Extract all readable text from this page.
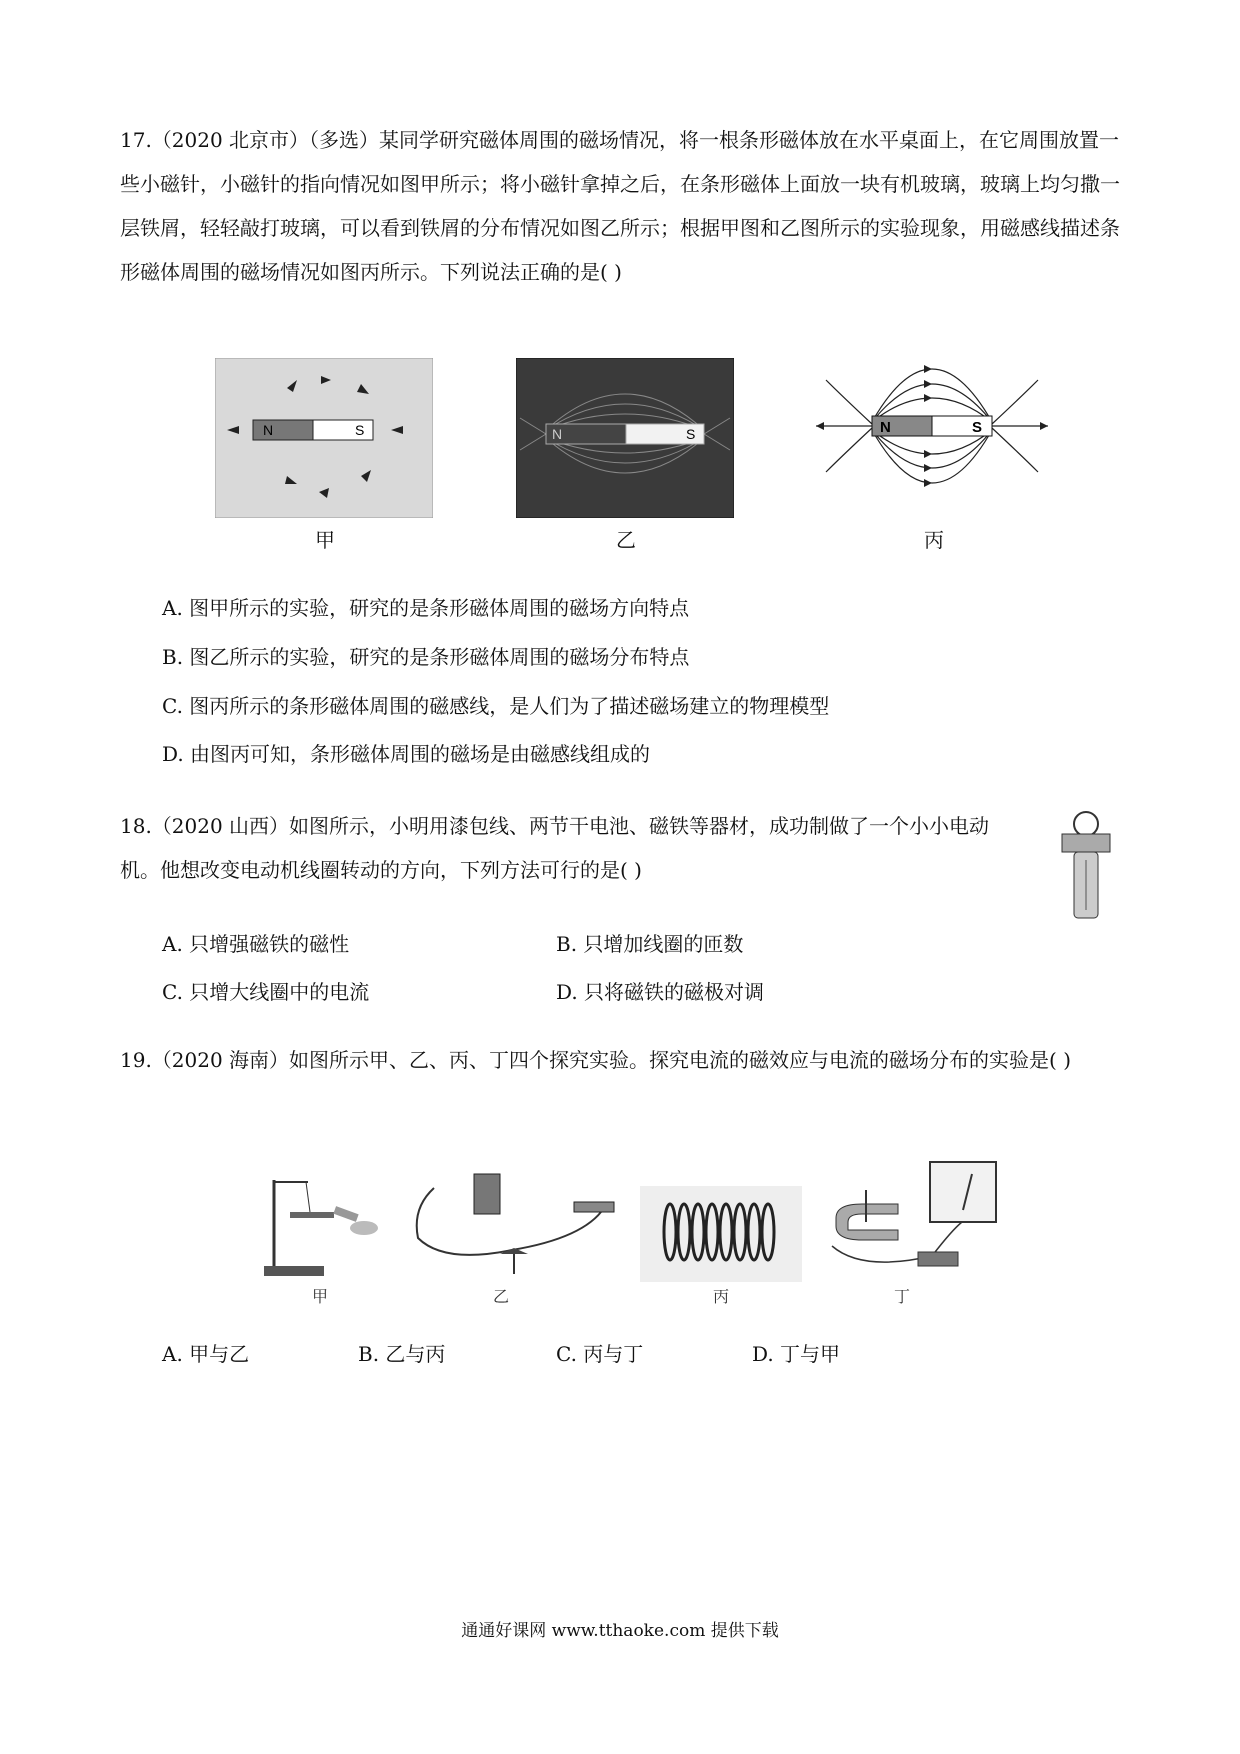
17.（2020 北京市）（多选）某同学研究磁体周围的磁场情况，将一根条形磁体放在水平桌面上，在它周围放置一些小磁针，小磁针的指向情况如图甲所示；将小磁针拿掉之后，在条形磁体上面放一块有机玻璃，玻璃上均匀撒一层铁屑，轻轻敲打玻璃，可以看到铁屑的分布情况如图乙所示；根据甲图和乙图所示的实验现象，用磁感线描述条形磁体周围的磁场情况如图丙所示。下列说法正确的是( )
N	S
甲
N	S
乙
N	S
丙
A. 图甲所示的实验，研究的是条形磁体周围的磁场方向特点
B. 图乙所示的实验，研究的是条形磁体周围的磁场分布特点
C. 图丙所示的条形磁体周围的磁感线，是人们为了描述磁场建立的物理模型
D. 由图丙可知，条形磁体周围的磁场是由磁感线组成的
18.（2020 山西）如图所示，小明用漆包线、两节干电池、磁铁等器材，成功制做了一个小小电动机。他想改变电动机线圈转动的方向，下列方法可行的是( )
A. 只增强磁铁的磁性	B. 只增加线圈的匝数
C. 只增大线圈中的电流	D. 只将磁铁的磁极对调
19.（2020 海南）如图所示甲、乙、丙、丁四个探究实验。探究电流的磁效应与电流的磁场分布的实验是( )
甲	乙	丙	丁
A. 甲与乙	B. 乙与丙	C. 丙与丁	D. 丁与甲
通通好课网 www.tthaoke.com 提供下载
